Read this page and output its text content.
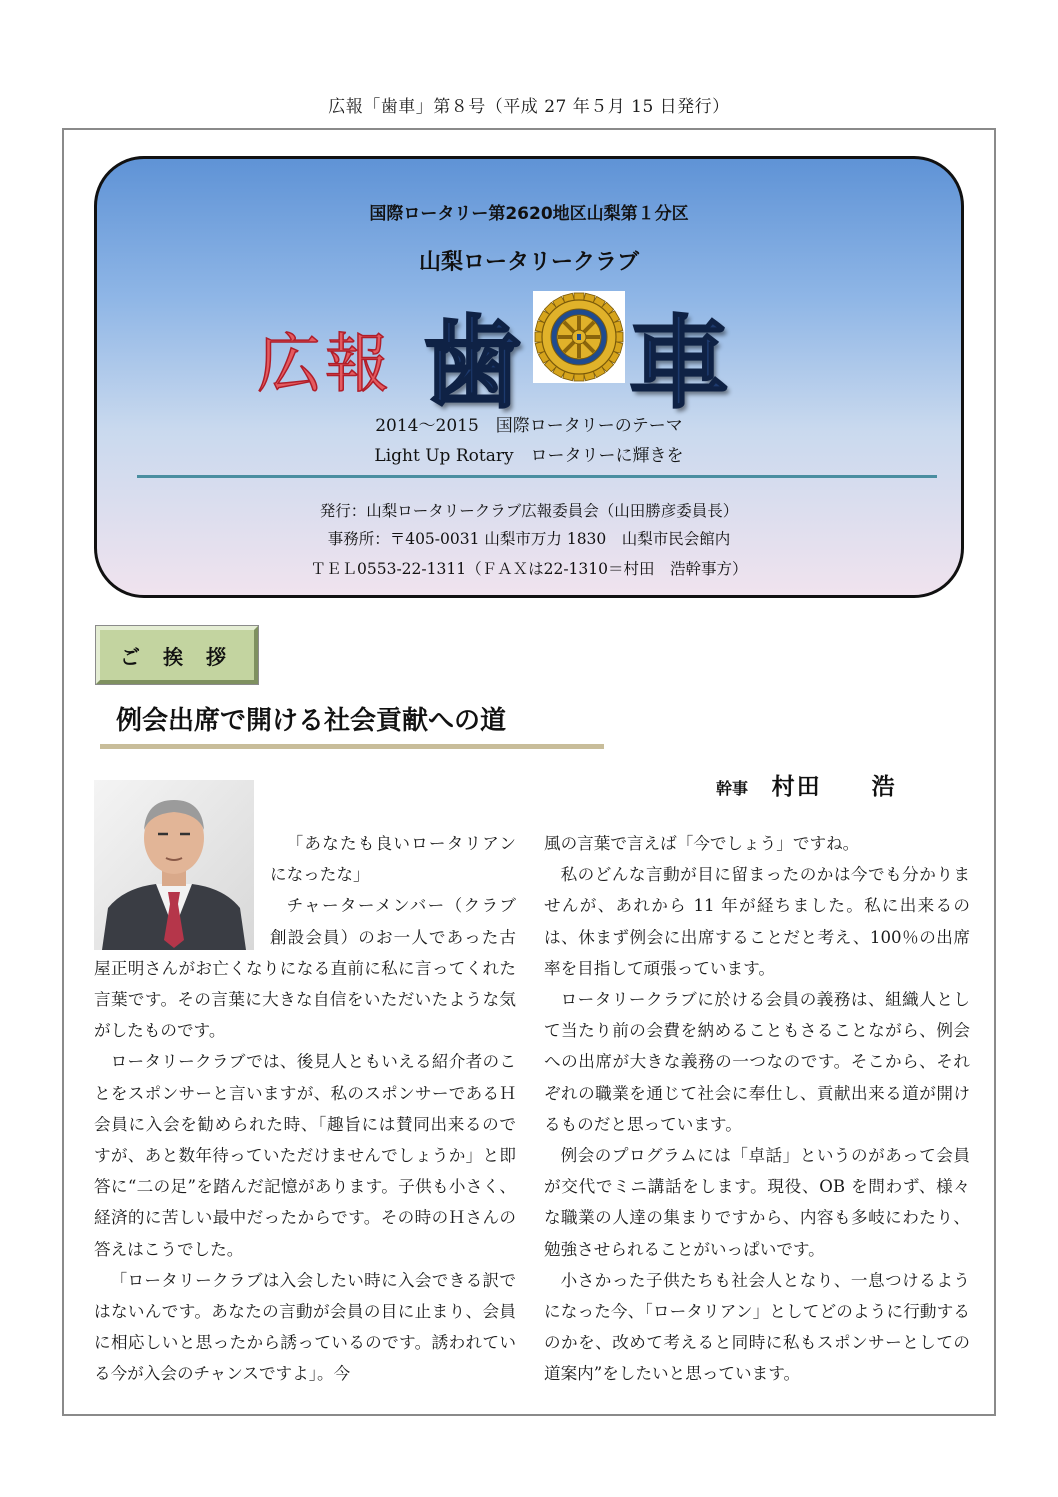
広報「歯車」第８号（平成 27 年５月 15 日発行）
国際ロータリー第2620地区山梨第１分区
山梨ロータリークラブ
広報 歯 車
2014～2015　国際ロータリーのテーマ
Light Up Rotary　ロータリーに輝きを
発行：山梨ロータリークラブ広報委員会（山田勝彦委員長）
事務所：〒405-0031 山梨市万力 1830　山梨市民会館内
ＴＥＬ0553-22-1311（ＦＡＸは22-1310＝村田　浩幹事方）
ご 挨 拶
例会出席で開ける社会貢献への道
幹事 村田　　浩

「あなたも良いロータリアンになったな」

チャーターメンバー（クラブ創設会員）のお一人であった古屋正明さんがお亡くなりになる直前に私に言ってくれた言葉です。その言葉に大きな自信をいただいたような気がしたものです。

ロータリークラブでは、後見人ともいえる紹介者のことをスポンサーと言いますが、私のスポンサーであるＨ会員に入会を勧められた時、「趣旨には賛同出来るのですが、あと数年待っていただけませんでしょうか」と即答に“二の足”を踏んだ記憶があります。子供も小さく、経済的に苦しい最中だったからです。その時のＨさんの答えはこうでした。

「ロータリークラブは入会したい時に入会できる訳ではないんです。あなたの言動が会員の目に止まり、会員に相応しいと思ったから誘っているのです。誘われている今が入会のチャンスですよ」。今

風の言葉で言えば「今でしょう」ですね。

私のどんな言動が目に留まったのかは今でも分かりませんが、あれから 11 年が経ちました。私に出来るのは、休まず例会に出席することだと考え、100％の出席率を目指して頑張っています。

ロータリークラブに於ける会員の義務は、組織人として当たり前の会費を納めることもさることながら、例会への出席が大きな義務の一つなのです。そこから、それぞれの職業を通じて社会に奉仕し、貢献出来る道が開けるものだと思っています。

例会のプログラムには「卓話」というのがあって会員が交代でミニ講話をします。現役、OB を問わず、様々な職業の人達の集まりですから、内容も多岐にわたり、勉強させられることがいっぱいです。

小さかった子供たちも社会人となり、一息つけるようになった今、「ロータリアン」としてどのように行動するのかを、改めて考えると同時に私もスポンサーとしての道案内”をしたいと思っています。
